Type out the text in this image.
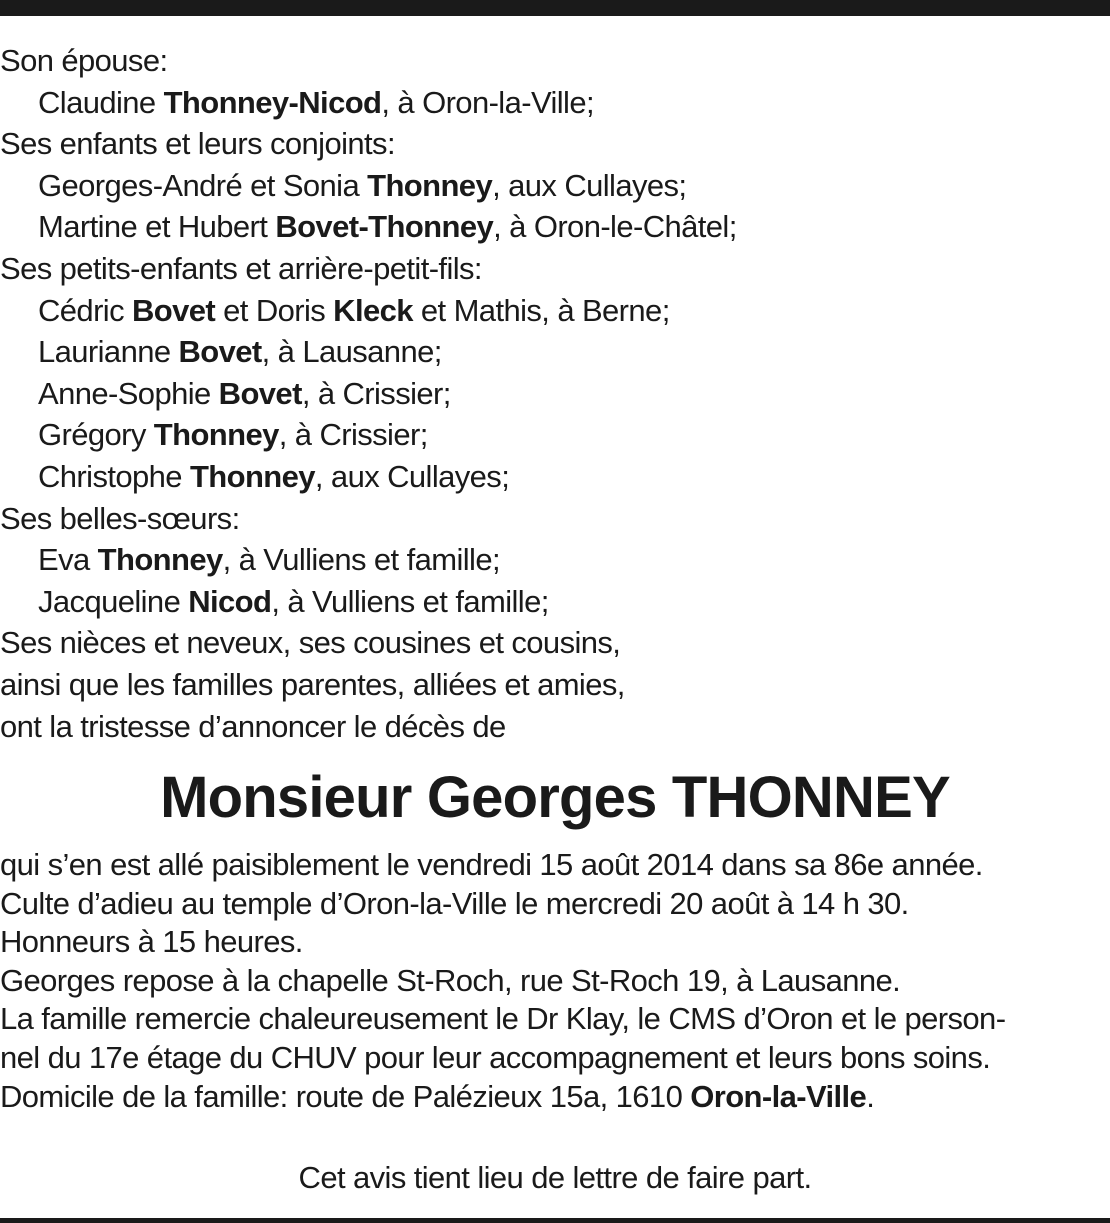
Son épouse:
Claudine Thonney-Nicod, à Oron-la-Ville;
Ses enfants et leurs conjoints:
Georges-André et Sonia Thonney, aux Cullayes;
Martine et Hubert Bovet-Thonney, à Oron-le-Châtel;
Ses petits-enfants et arrière-petit-fils:
Cédric Bovet et Doris Kleck et Mathis, à Berne;
Laurianne Bovet, à Lausanne;
Anne-Sophie Bovet, à Crissier;
Grégory Thonney, à Crissier;
Christophe Thonney, aux Cullayes;
Ses belles-sœurs:
Eva Thonney, à Vulliens et famille;
Jacqueline Nicod, à Vulliens et famille;
Ses nièces et neveux, ses cousines et cousins,
ainsi que les familles parentes, alliées et amies,
ont la tristesse d’annoncer le décès de
Monsieur Georges THONNEY
qui s’en est allé paisiblement le vendredi 15 août 2014 dans sa 86e année.
Culte d’adieu au temple d’Oron-la-Ville le mercredi 20 août à 14 h 30.
Honneurs à 15 heures.
Georges repose à la chapelle St-Roch, rue St-Roch 19, à Lausanne.
La famille remercie chaleureusement le Dr Klay, le CMS d’Oron et le person-
nel du 17e étage du CHUV pour leur accompagnement et leurs bons soins.
Domicile de la famille: route de Palézieux 15a, 1610 Oron-la-Ville.
Cet avis tient lieu de lettre de faire part.
